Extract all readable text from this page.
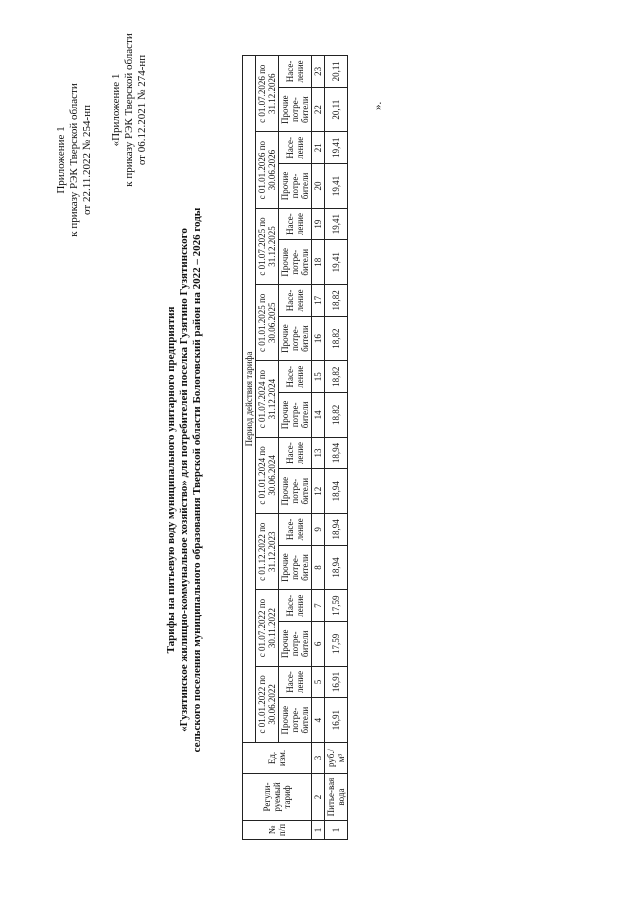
Приложение 1 к приказу РЭК Тверской области от 22.11.2022 № 254-нп «Приложение 1 к приказу РЭК Тверской области от 06.12.2021 № 274-нп
Тарифы на питьевую воду муниципального унитарного предприятия «Гузятинское жилищно-коммунальное хозяйство» для потребителей поселка Гузятино Гузятинского сельского поселения муниципального образования Тверской области Бологовский район на 2022 – 2026 годы
№ п/п	Регули-руемый тариф	Ед. изм.	Период действия тарифа																	
			с 01.01.2022 по 30.06.2022		с 01.07.2022 по 30.11.2022		с 01.12.2022 по 31.12.2023		с 01.01.2024 по 30.06.2024		с 01.07.2024 по 31.12.2024		с 01.01.2025 по 30.06.2025		с 01.07.2025 по 31.12.2025		с 01.01.2026 по 30.06.2026		с 01.07.2026 по 31.12.2026	
			Прочие потре-бители	Насе-ление	Прочие потре-бители	Насе-ление	Прочие потре-бители	Насе-ление	Прочие потре-бители	Насе-ление	Прочие потре-бители	Насе-ление	Прочие потре-бители	Насе-ление	Прочие потре-бители	Насе-ление	Прочие потре-бители	Насе-ление	Прочие потре-бители	Насе-ление
1	2	3	4	5	6	7	8	9	12	13	14	15	16	17	18	19	20	21	22	23
1	Питье-вая вода	руб./м³	16,91	16,91	17,59	17,59	18,94	18,94	18,94	18,94	18,82	18,82	18,82	18,82	19,41	19,41	19,41	19,41	20,11	20,11
».
